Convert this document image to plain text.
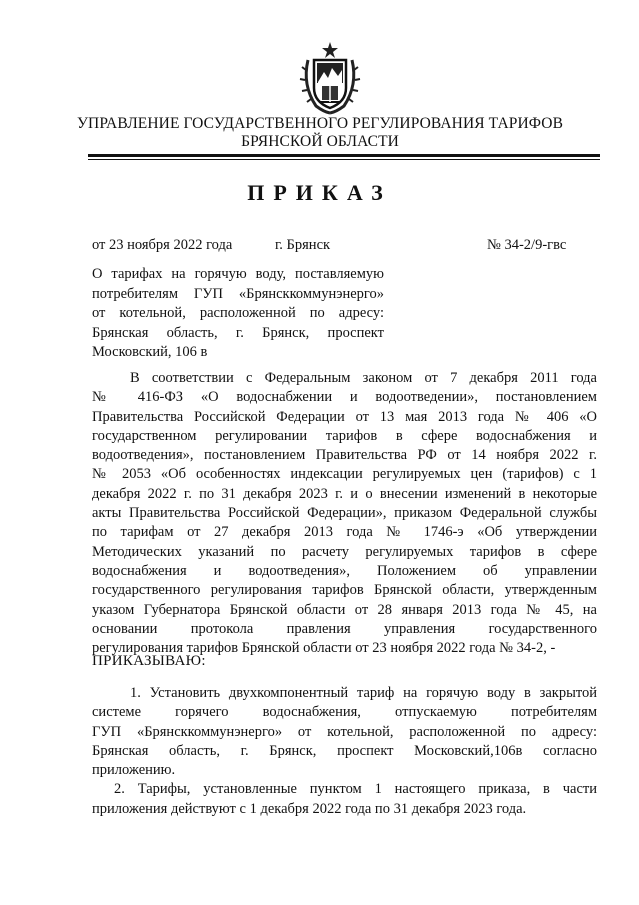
УПРАВЛЕНИЕ ГОСУДАРСТВЕННОГО РЕГУЛИРОВАНИЯ ТАРИФОВ
БРЯНСКОЙ ОБЛАСТИ
ПРИКАЗ
от 23 ноября 2022 года	г. Брянск	№ 34-2/9-гвс
О тарифах на горячую воду, поставляемую
потребителям ГУП «Брянсккоммунэнерго»
от котельной, расположенной по адресу:
Брянская область, г. Брянск, проспект
Московский, 106 в
В соответствии с Федеральным законом от 7 декабря 2011 года
№ 416-ФЗ «О водоснабжении и водоотведении», постановлением
Правительства Российской Федерации от 13 мая 2013 года № 406 «О
государственном регулировании тарифов в сфере водоснабжения и
водоотведения», постановлением Правительства РФ от 14 ноября 2022 г.
№ 2053 «Об особенностях индексации регулируемых цен (тарифов) с 1
декабря 2022 г. по 31 декабря 2023 г. и о внесении изменений в некоторые
акты Правительства Российской Федерации», приказом Федеральной службы
по тарифам от 27 декабря 2013 года № 1746-э «Об утверждении
Методических указаний по расчету регулируемых тарифов в сфере
водоснабжения и водоотведения», Положением об управлении
государственного регулирования тарифов Брянской области, утвержденным
указом Губернатора Брянской области от 28 января 2013 года № 45, на
основании протокола правления управления государственного
регулирования тарифов Брянской области от 23 ноября 2022 года № 34-2, -
ПРИКАЗЫВАЮ:
1. Установить двухкомпонентный тариф на горячую воду в закрытой
системе горячего водоснабжения, отпускаемую потребителям
ГУП «Брянсккоммунэнерго» от котельной, расположенной по адресу:
Брянская область, г. Брянск, проспект Московский,106в согласно
приложению.
2. Тарифы, установленные пунктом 1 настоящего приказа, в части
приложения действуют с 1 декабря 2022 года по 31 декабря 2023 года.
